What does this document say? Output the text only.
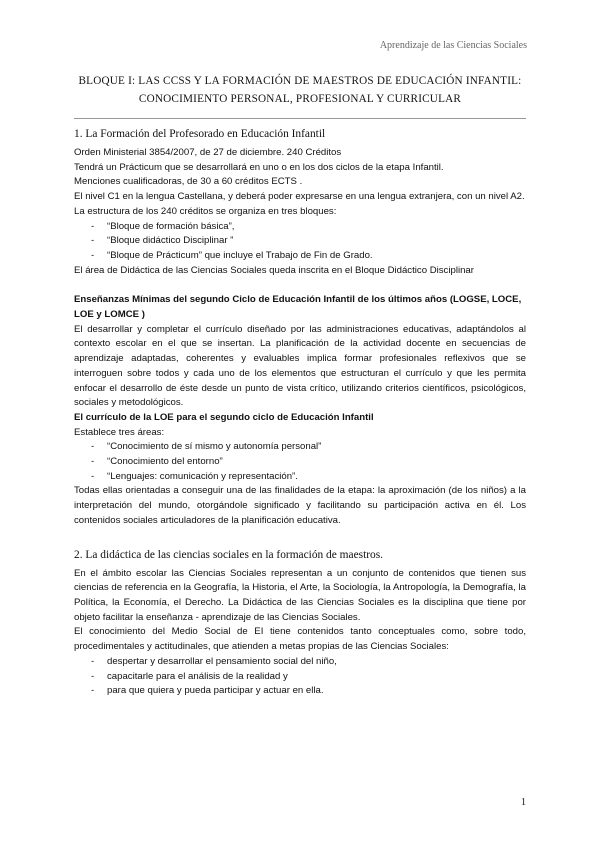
Aprendizaje de las Ciencias Sociales
BLOQUE I: LAS CCSS Y LA FORMACIÓN DE MAESTROS DE EDUCACIÓN INFANTIL:
CONOCIMIENTO PERSONAL, PROFESIONAL Y CURRICULAR

1. La Formación del Profesorado en Educación Infantil

Orden Ministerial 3854/2007, de 27 de diciembre. 240 Créditos

Tendrá un Prácticum que se desarrollará en uno o en los dos ciclos de la etapa Infantil.

Menciones cualificadoras, de 30 a 60 créditos ECTS .

El nivel C1 en la lengua Castellana, y deberá poder expresarse en una lengua extranjera, con un nivel A2.

La estructura de los 240 créditos se organiza en tres bloques:

- “Bloque de formación básica”,
- “Bloque didáctico Disciplinar ”
- “Bloque de Prácticum” que incluye el Trabajo de Fin de Grado.

El área de Didáctica de las Ciencias Sociales queda inscrita en el Bloque Didáctico Disciplinar

Enseñanzas Mínimas del segundo Ciclo de Educación Infantil de los últimos años (LOGSE, LOCE, LOE y LOMCE )

El desarrollar y completar el currículo diseñado por las administraciones educativas, adaptándolos al contexto escolar en el que se insertan. La planificación de la actividad docente en secuencias de aprendizaje adaptadas, coherentes y evaluables implica formar profesionales reflexivos que se interroguen sobre todos y cada uno de los elementos que estructuran el currículo y que les permita enfocar el desarrollo de éste desde un punto de vista crítico, utilizando criterios científicos, psicológicos, sociales y metodológicos.

El currículo de la LOE para el segundo ciclo de Educación Infantil

Establece tres áreas:

- “Conocimiento de sí mismo y autonomía personal”
- “Conocimiento del entorno”
- “Lenguajes: comunicación y representación”.

Todas ellas orientadas a conseguir una de las finalidades de la etapa: la aproximación (de los niños) a la interpretación del mundo, otorgándole significado y facilitando su participación activa en él. Los contenidos sociales articuladores de la planificación educativa.

2. La didáctica de las ciencias sociales en la formación de maestros.

En el ámbito escolar las Ciencias Sociales representan a un conjunto de contenidos que tienen sus ciencias de referencia en la Geografía, la Historia, el Arte, la Sociología, la Antropología, la Demografía, la Política, la Economía, el Derecho. La Didáctica de las Ciencias Sociales es la disciplina que tiene por objeto facilitar la enseñanza - aprendizaje de las Ciencias Sociales.

El conocimiento del Medio Social de EI tiene contenidos tanto conceptuales como, sobre todo, procedimentales y actitudinales, que atienden a metas propias de las Ciencias Sociales:

- despertar y desarrollar el pensamiento social del niño,
- capacitarle para el análisis de la realidad y
- para que quiera y pueda participar y actuar en ella.
1
